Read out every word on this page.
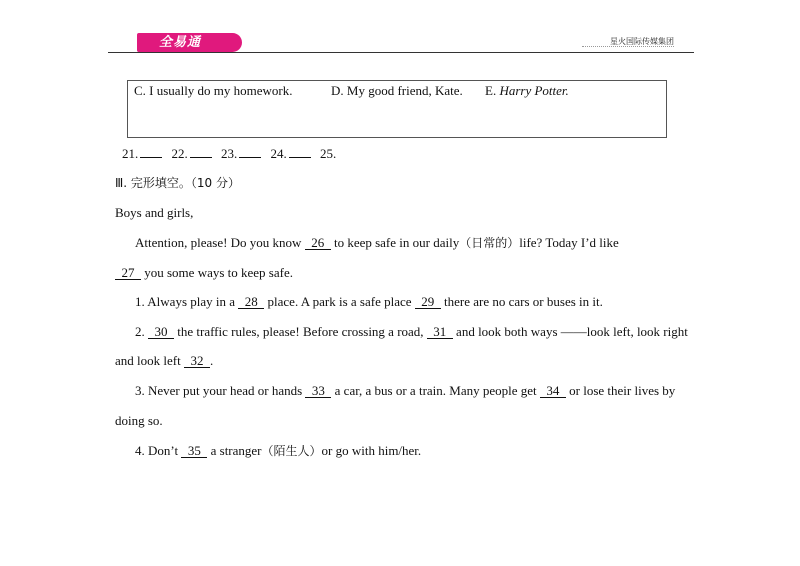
全易通	星火国际传媒集团
C. I usually do my homework.	D. My good friend, Kate. E. Harry Potter.
21.	22.	23.	24.	25.
Ⅲ. 完形填空。（10 分）
Boys and girls,
Attention, please! Do you know 26 to keep safe in our daily（日常的）life? Today I’d like
27 you some ways to keep safe.
1. Always play in a 28 place. A park is a safe place 29 there are no cars or buses in it.
2. 30 the traffic rules, please! Before crossing a road, 31 and look both ways ——look left, look right
and look left 32 .
3. Never put your head or hands 33 a car, a bus or a train. Many people get 34 or lose their lives by
doing so.
4. Don’t 35 a stranger（陌生人）or go with him/her.
